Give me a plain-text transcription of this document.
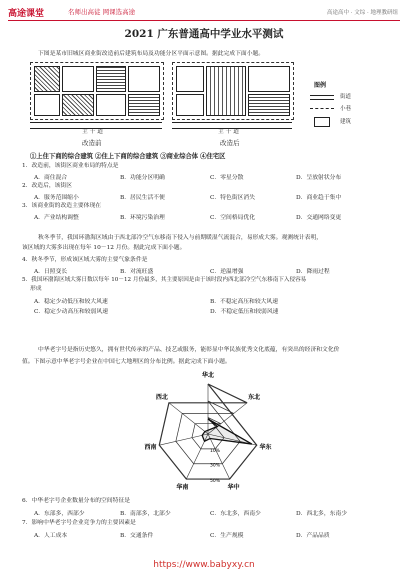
高途课堂	名师出高徒 网课选高途	高途高中 · 文综 · 地理教研组
2021 广东普通高中学业水平测试
下图是某市旧城区商业街改造前后建筑布局及功能分区平面示意图。据此完成下面小题。
主 干 道	主 干 道
改造前	改造后
图例
街道
小巷
建筑
①上住下商的综合建筑 ②住上下商的综合建筑 ③商业综合体 ④住宅区
1．改造前，该街区商业布局的特点是
A．商住混合	B．功能分区明确	C．零星分散	D．呈放射状分布
2．改造后，该街区
A．服务范围缩小	B．居民生活不便	C．特色街区消失	D．商业趋于集中
3．该商业街的改造主要体现在
A．产业结构调整	B．环境污染治理	C．空间格局优化	D．交通网络变更
秋冬季节，我国环渤海区域由于西北部冷空气东移南下侵入与前期暖湿气流混合，易形成大雾。观测统计表明，
该区域的大雾多出现在每年 10－12 月份。据此完成下面小题。
4．秋冬季节，形成该区域大雾的主要气象条件是
A．日照变长	B．对流旺盛	C．逆温增强	D．降雨过程
5．我国环渤海区域大雾日数以每年 10－12 月份最多，其主要原因是由于该时段内西北部冷空气东移南下入侵容易
形成
A．稳定少动低压和较大风速	B．不稳定高压和较大风速
C．稳定少动高压和较弱风速	D．不稳定低压和较弱风速
中华老字号是指历史悠久，拥有世代传承的产品、技艺或服务，能彰显中华民族优秀文化底蕴，有突出的经济和文化价
值。下图示意中华老字号企业在中国七大地理区的分布比例。据此完成下面小题。
华北
华东
华中
华南
西南
西北	东北
10%
30%
50%
6．中华老字号企业数量分布的空间特征是
A．东部多，西部少	B．南部多，北部少	C．东北多，西南少	D．西北多，东南少
7．影响中华老字号企业竞争力的主要因素是
A．人工成本	B．交通条件	C．生产规模	D．产品品质
https://www.babyxy.cn
